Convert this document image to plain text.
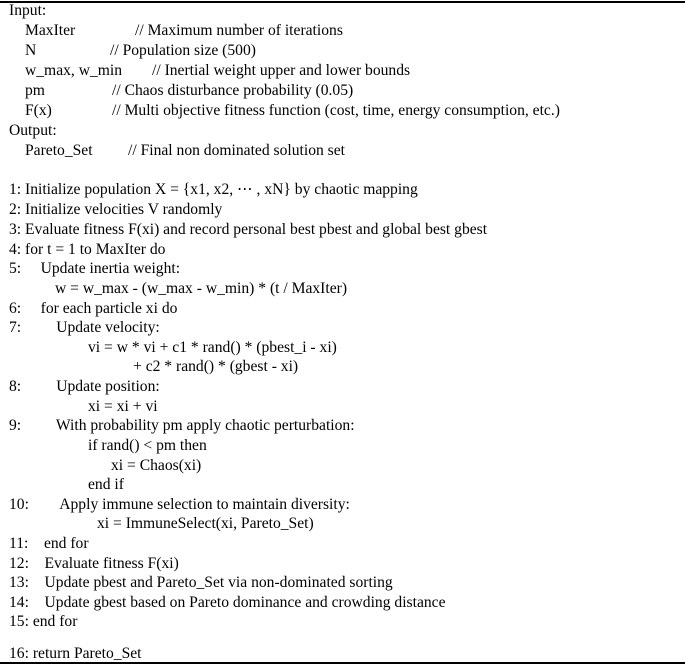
Input:
MaxIter	// Maximum number of iterations
N	// Population size (500)
w_max, w_min // Inertial weight upper and lower bounds
pm	// Chaos disturbance probability (0.05)
F(x)	// Multi objective fitness function (cost, time, energy consumption, etc.)
Output:
Pareto_Set // Final non dominated solution set
1: Initialize population X = {x1, x2, ⋯ , xN} by chaotic mapping
2: Initialize velocities V randomly
3: Evaluate fitness F(xi) and record personal best pbest and global best gbest
4: for t = 1 to MaxIter do
5:     Update inertia weight:
w = w_max - (w_max - w_min) * (t / MaxIter)
6:     for each particle xi do
7:         Update velocity:
vi = w * vi + c1 * rand() * (pbest_i - xi)
+ c2 * rand() * (gbest - xi)
8:         Update position:
xi = xi + vi
9:         With probability pm apply chaotic perturbation:
if rand() < pm then
xi = Chaos(xi)
end if
10:        Apply immune selection to maintain diversity:
xi = ImmuneSelect(xi, Pareto_Set)
11:    end for
12:    Evaluate fitness F(xi)
13:    Update pbest and Pareto_Set via non-dominated sorting
14:    Update gbest based on Pareto dominance and crowding distance
15: end for
16: return Pareto_Set
